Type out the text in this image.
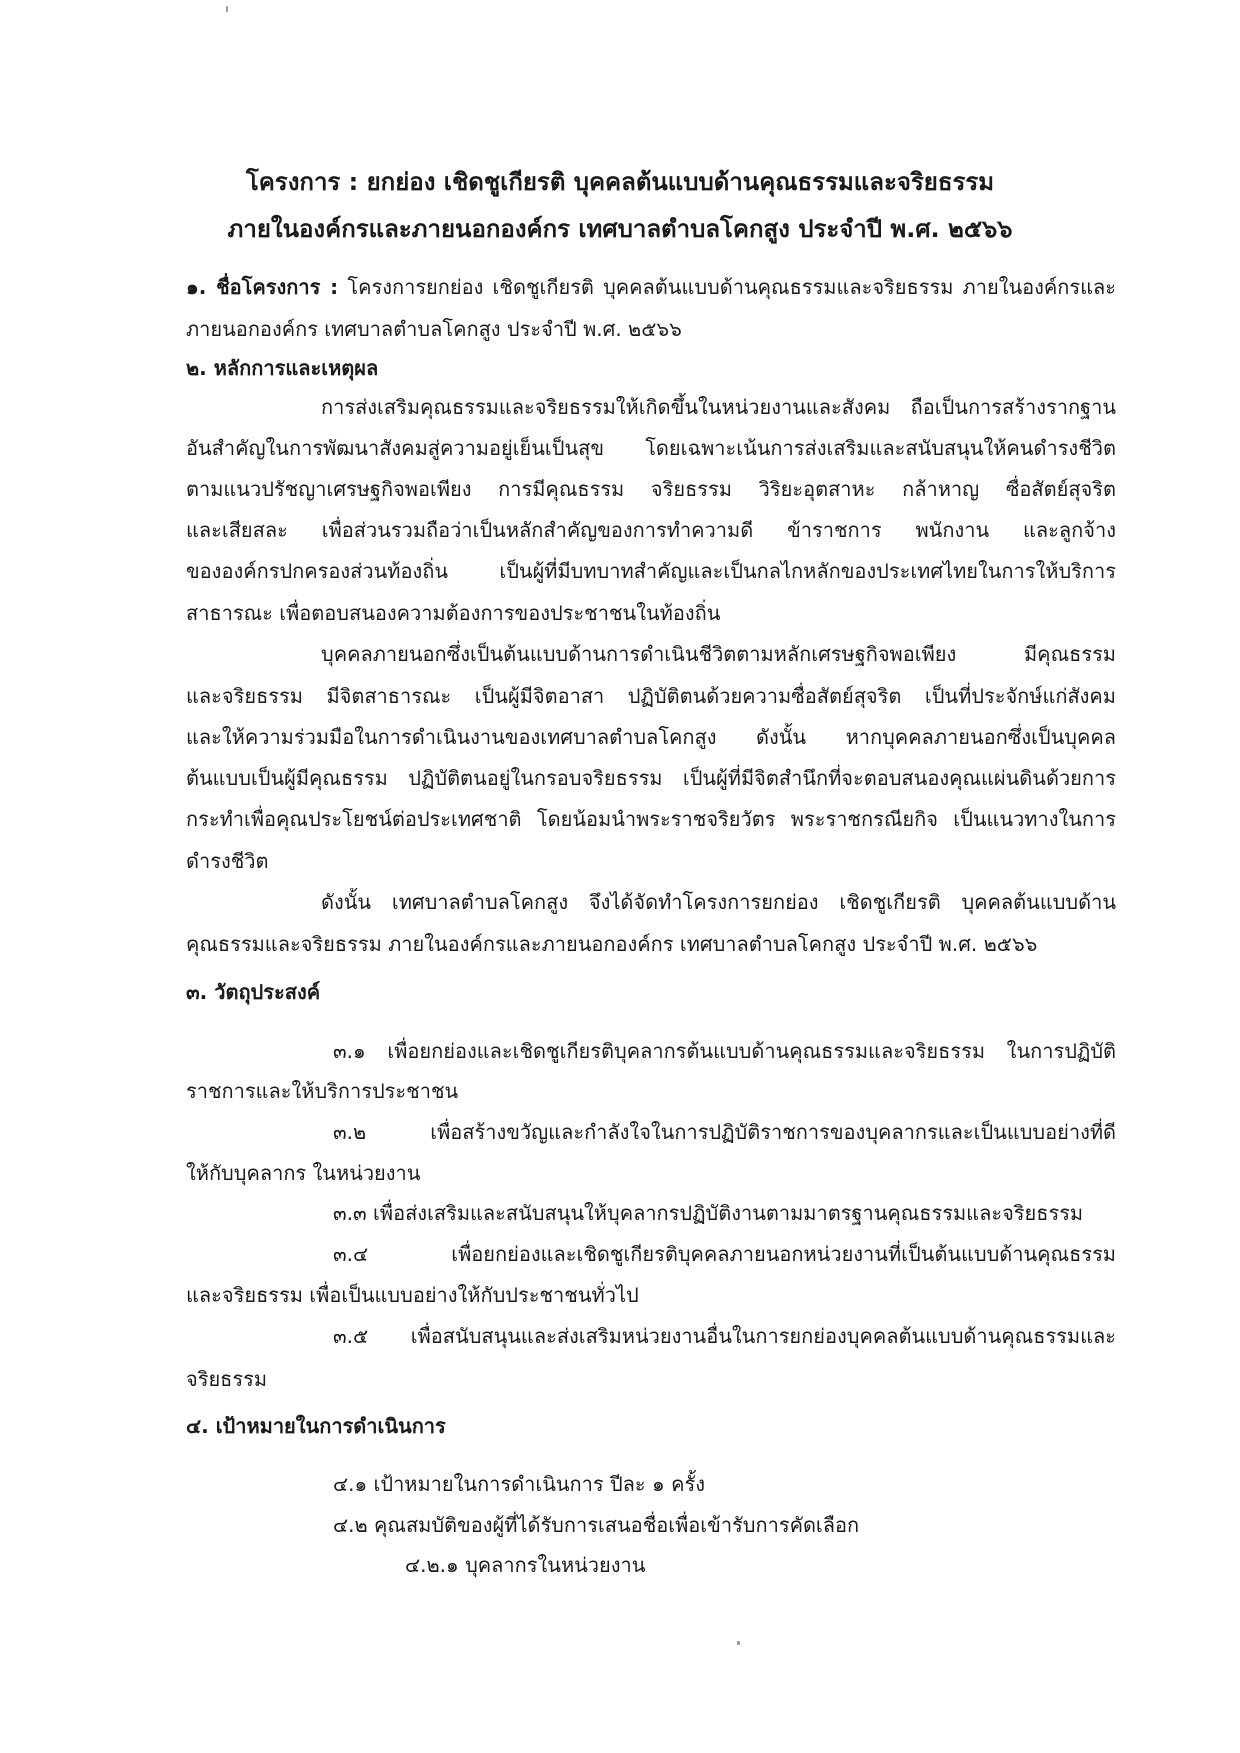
โครงการ : ยกย่อง เชิดชูเกียรติ บุคคลต้นแบบด้านคุณธรรมและจริยธรรม
ภายในองค์กรและภายนอกองค์กร เทศบาลตำบลโคกสูง ประจำปี พ.ศ. ๒๕๖๖
๑. ชื่อโครงการ : โครงการยกย่อง เชิดชูเกียรติ บุคคลต้นแบบด้านคุณธรรมและจริยธรรม ภายในองค์กรและ
ภายนอกองค์กร เทศบาลตำบลโคกสูง ประจำปี พ.ศ. ๒๕๖๖
๒. หลักการและเหตุผล
การส่งเสริมคุณธรรมและจริยธรรมให้เกิดขึ้นในหน่วยงานและสังคม ถือเป็นการสร้างรากฐาน
อันสำคัญในการพัฒนาสังคมสู่ความอยู่เย็นเป็นสุข โดยเฉพาะเน้นการส่งเสริมและสนับสนุนให้คนดำรงชีวิต
ตามแนวปรัชญาเศรษฐกิจพอเพียง การมีคุณธรรม จริยธรรม วิริยะอุตสาหะ กล้าหาญ ซื่อสัตย์สุจริต
และเสียสละ เพื่อส่วนรวมถือว่าเป็นหลักสำคัญของการทำความดี ข้าราชการ พนักงาน และลูกจ้าง
ขององค์กรปกครองส่วนท้องถิ่น เป็นผู้ที่มีบทบาทสำคัญและเป็นกลไกหลักของประเทศไทยในการให้บริการ
สาธารณะ เพื่อตอบสนองความต้องการของประชาชนในท้องถิ่น
บุคคลภายนอกซึ่งเป็นต้นแบบด้านการดำเนินชีวิตตามหลักเศรษฐกิจพอเพียง มีคุณธรรม
และจริยธรรม มีจิตสาธารณะ เป็นผู้มีจิตอาสา ปฏิบัติตนด้วยความซื่อสัตย์สุจริต เป็นที่ประจักษ์แก่สังคม
และให้ความร่วมมือในการดำเนินงานของเทศบาลตำบลโคกสูง ดังนั้น หากบุคคลภายนอกซึ่งเป็นบุคคล
ต้นแบบเป็นผู้มีคุณธรรม ปฏิบัติตนอยู่ในกรอบจริยธรรม เป็นผู้ที่มีจิตสำนึกที่จะตอบสนองคุณแผ่นดินด้วยการ
กระทำเพื่อคุณประโยชน์ต่อประเทศชาติ โดยน้อมนำพระราชจริยวัตร พระราชกรณียกิจ เป็นแนวทางในการ
ดำรงชีวิต
ดังนั้น เทศบาลตำบลโคกสูง จึงได้จัดทำโครงการยกย่อง เชิดชูเกียรติ บุคคลต้นแบบด้าน
คุณธรรมและจริยธรรม ภายในองค์กรและภายนอกองค์กร เทศบาลตำบลโคกสูง ประจำปี พ.ศ. ๒๕๖๖
๓. วัตถุประสงค์
๓.๑ เพื่อยกย่องและเชิดชูเกียรติบุคลากรต้นแบบด้านคุณธรรมและจริยธรรม ในการปฏิบัติ
ราชการและให้บริการประชาชน
๓.๒ เพื่อสร้างขวัญและกำลังใจในการปฏิบัติราชการของบุคลากรและเป็นแบบอย่างที่ดี
ให้กับบุคลากร ในหน่วยงาน
๓.๓ เพื่อส่งเสริมและสนับสนุนให้บุคลากรปฏิบัติงานตามมาตรฐานคุณธรรมและจริยธรรม
๓.๔ เพื่อยกย่องและเชิดชูเกียรติบุคคลภายนอกหน่วยงานที่เป็นต้นแบบด้านคุณธรรม
และจริยธรรม เพื่อเป็นแบบอย่างให้กับประชาชนทั่วไป
๓.๕ เพื่อสนับสนุนและส่งเสริมหน่วยงานอื่นในการยกย่องบุคคลต้นแบบด้านคุณธรรมและ
จริยธรรม
๔. เป้าหมายในการดำเนินการ
๔.๑ เป้าหมายในการดำเนินการ ปีละ ๑ ครั้ง
๔.๒ คุณสมบัติของผู้ที่ได้รับการเสนอชื่อเพื่อเข้ารับการคัดเลือก
๔.๒.๑ บุคลากรในหน่วยงาน
